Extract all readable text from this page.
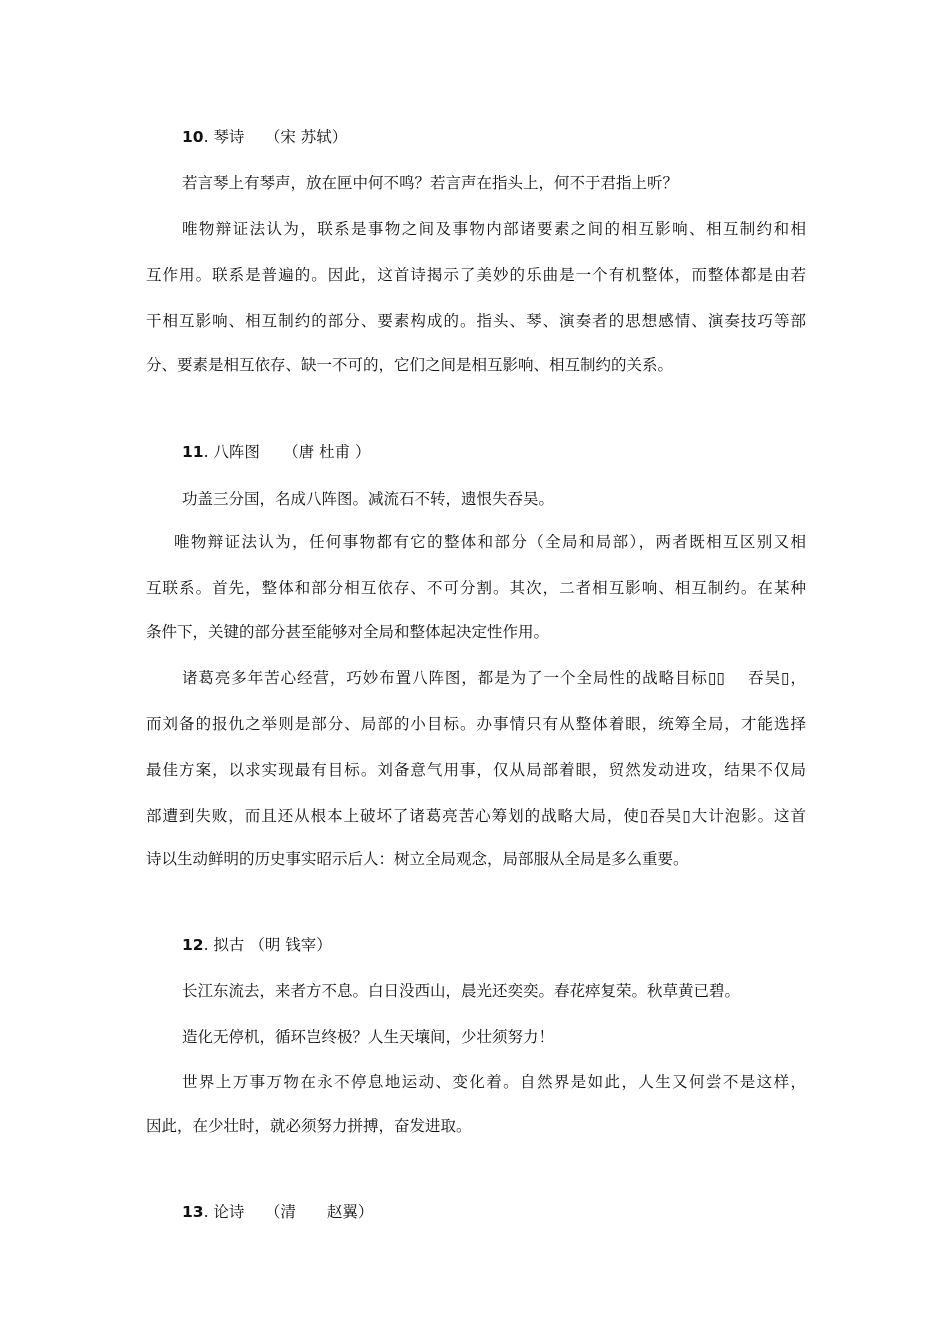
10. 琴诗　 （宋 苏轼）
若言琴上有琴声，放在匣中何不鸣？若言声在指头上，何不于君指上听？
唯物辩证法认为，联系是事物之间及事物内部诸要素之间的相互影响、相互制约和相
互作用。联系是普遍的。因此，这首诗揭示了美妙的乐曲是一个有机整体，而整体都是由若
干相互影响、相互制约的部分、要素构成的。指头、琴、演奏者的思想感情、演奏技巧等部
分、要素是相互依存、缺一不可的，它们之间是相互影响、相互制约的关系。
11. 八阵图　　（唐 杜甫 ）
功盖三分国，名成八阵图。减流石不转，遗恨失吞吴。
唯物辩证法认为，任何事物都有它的整体和部分（全局和局部），两者既相互区别又相
互联系。首先，整体和部分相互依存、不可分割。其次，二者相互影响、相互制约。在某种
条件下，关键的部分甚至能够对全局和整体起决定性作用。
诸葛亮多年苦心经营，巧妙布置八阵图，都是为了一个全局性的战略目标▯▯　 吞吴▯，
而刘备的报仇之举则是部分、局部的小目标。办事情只有从整体着眼，统筹全局，才能选择
最佳方案，以求实现最有目标。刘备意气用事，仅从局部着眼，贸然发动进攻，结果不仅局
部遭到失败，而且还从根本上破坏了诸葛亮苦心筹划的战略大局，使▯吞吴▯大计泡影。这首
诗以生动鲜明的历史事实昭示后人：树立全局观念，局部服从全局是多么重要。
12. 拟古 （明 钱宰）
长江东流去，来者方不息。白日没西山，晨光还奕奕。春花瘁复荣。秋草黄已碧。
造化无停机，循环岂终极？人生天壤间，少壮须努力！
世界上万事万物在永不停息地运动、变化着。自然界是如此，人生又何尝不是这样，
因此，在少壮时，就必须努力拼搏，奋发进取。
13. 论诗　 （清　　赵翼）
